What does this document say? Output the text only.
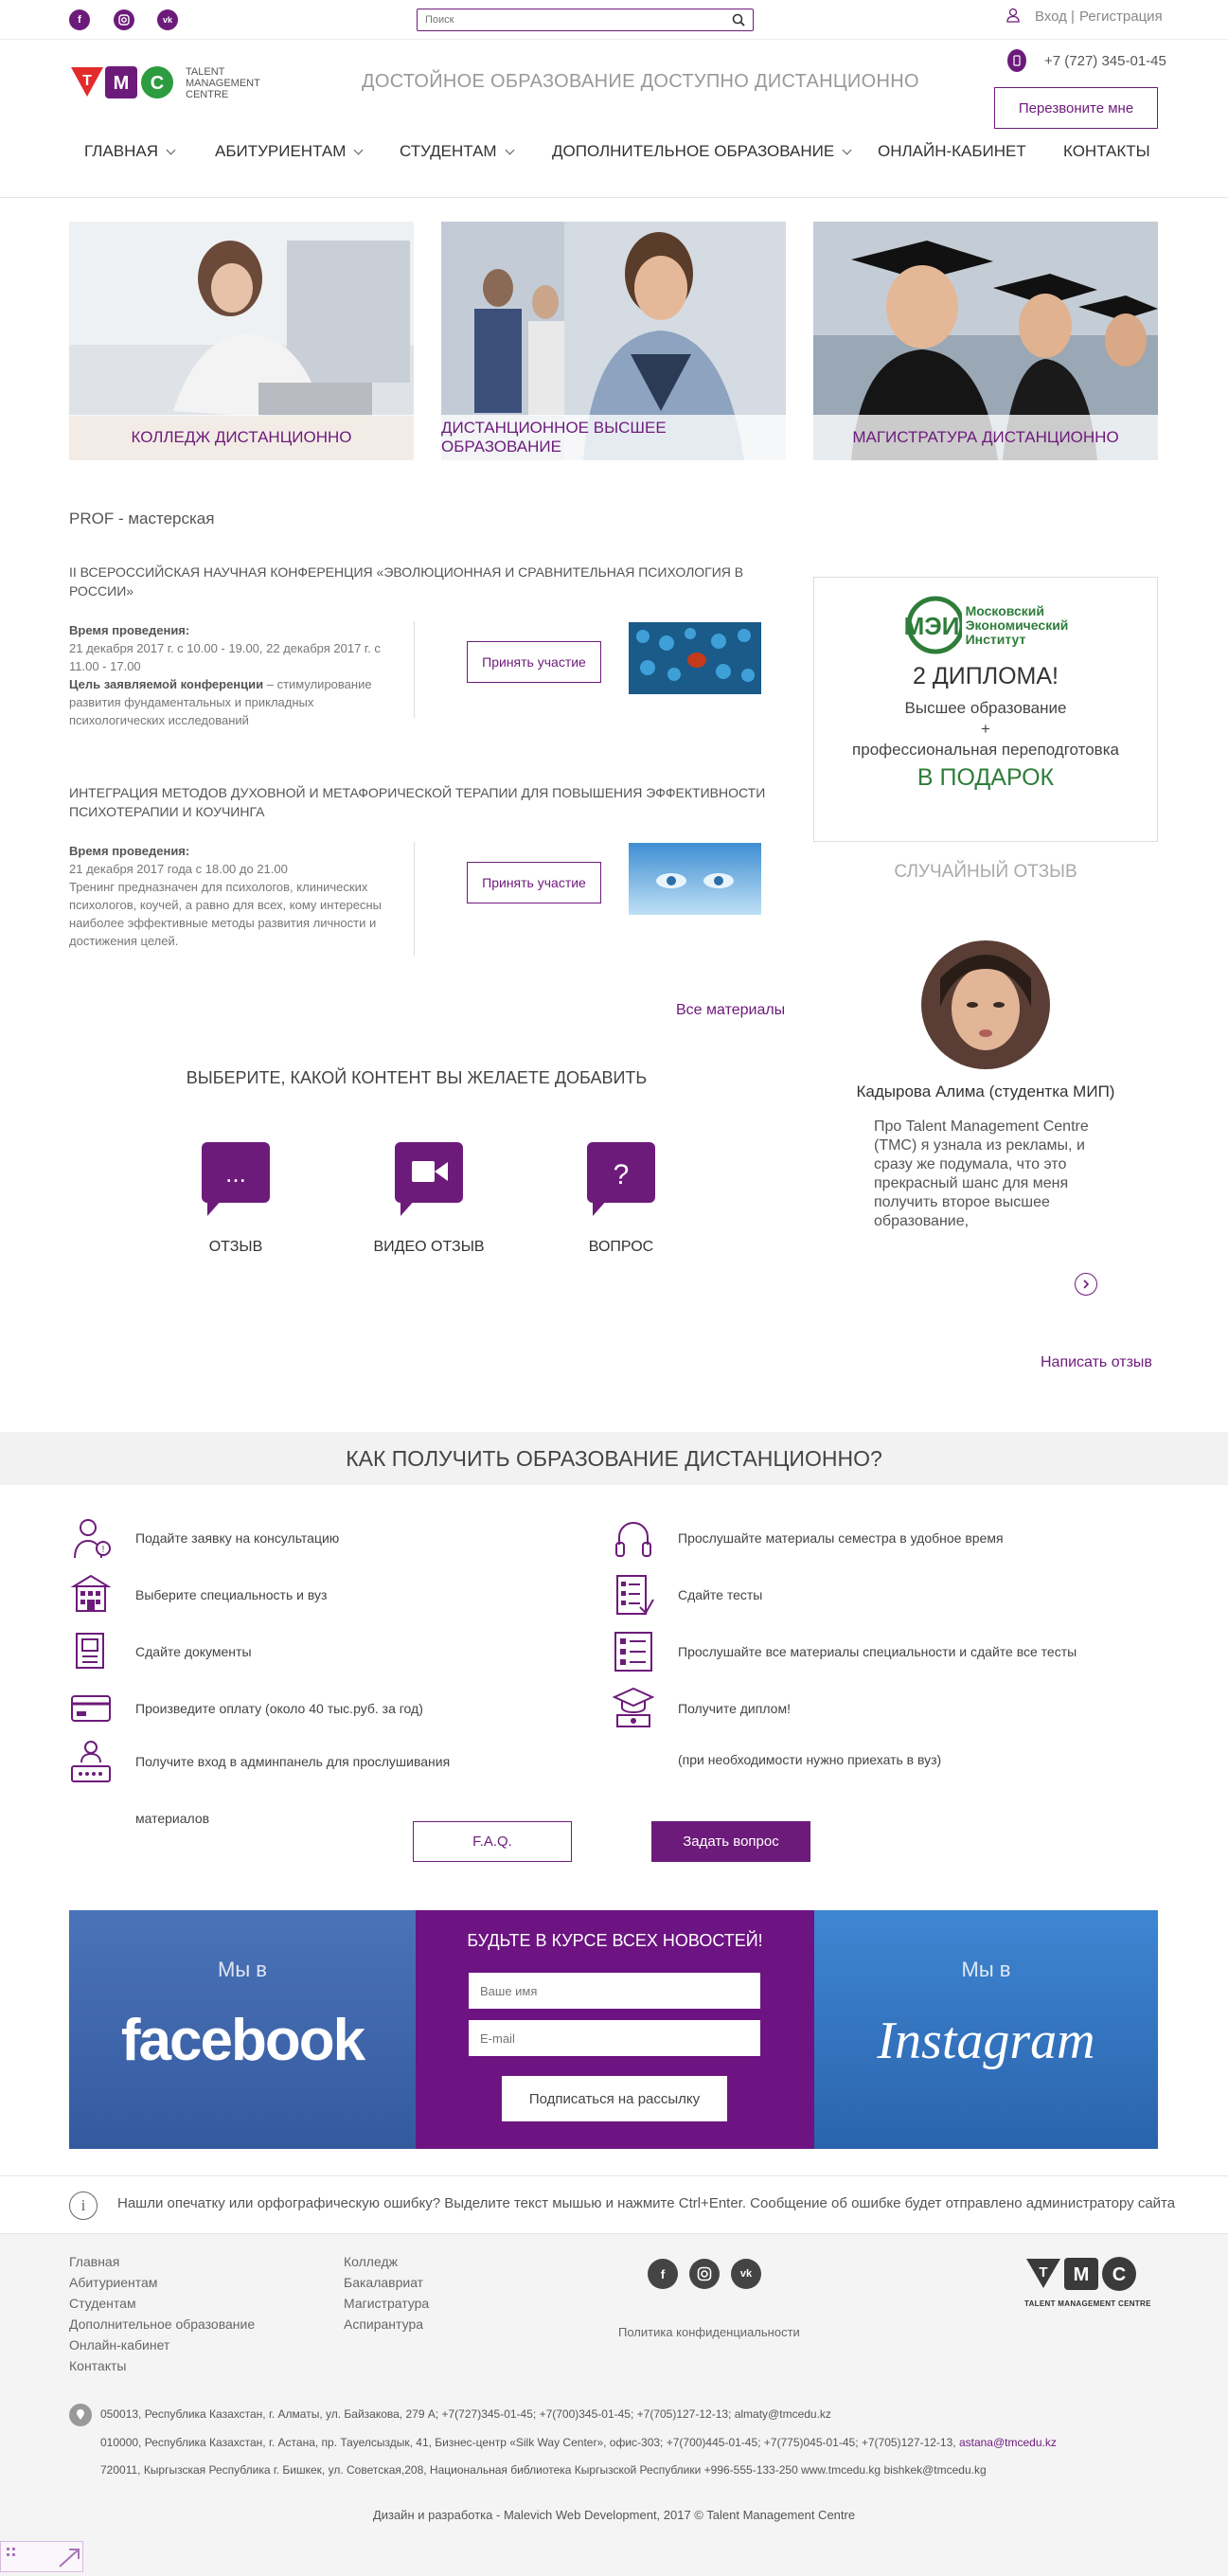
f	vk
Поиск	Вход | Регистрация
T M C
TALENT
MANAGEMENT
CENTRE
ДОСТОЙНОЕ ОБРАЗОВАНИЕ ДОСТУПНО ДИСТАНЦИОННО
+7 (727) 345-01-45
Перезвоните мне
ГЛАВНАЯ	АБИТУРИЕНТАМ	СТУДЕНТАМ	ДОПОЛНИТЕЛЬНОЕ ОБРАЗОВАНИЕ	ОНЛАЙН-КАБИНЕТ КОНТАКТЫ
КОЛЛЕДЖ ДИСТАНЦИОННО
ДИСТАНЦИОННОЕ ВЫСШЕЕ ОБРАЗОВАНИЕ
МАГИСТРАТУРА ДИСТАНЦИОННО
PROF - мастерская
II ВСЕРОССИЙСКАЯ НАУЧНАЯ КОНФЕРЕНЦИЯ «ЭВОЛЮЦИОННАЯ И СРАВНИТЕЛЬНАЯ ПСИХОЛОГИЯ В РОССИИ»
Время проведения:
21 декабря 2017 г. с 10.00 - 19.00, 22 декабря 2017 г. с 11.00 - 17.00
Цель заявляемой конференции – стимулирование развития фундаментальных и прикладных психологических исследований
Принять участие
ИНТЕГРАЦИЯ МЕТОДОВ ДУХОВНОЙ И МЕТАФОРИЧЕСКОЙ ТЕРАПИИ ДЛЯ ПОВЫШЕНИЯ ЭФФЕКТИВНОСТИ ПСИХОТЕРАПИИ И КОУЧИНГА
Время проведения:
21 декабря 2017 года с 18.00 до 21.00
Тренинг предназначен для психологов, клинических психологов, коучей, а равно для всех, кому интересны наиболее эффективные методы развития личности и достижения целей.
Принять участие
Все материалы
ВЫБЕРИТЕ, КАКОЙ КОНТЕНТ ВЫ ЖЕЛАЕТЕ ДОБАВИТЬ
...
ОТЗЫВ	ВИДЕО ОТЗЫВ
?
ВОПРОС
МЭИ
Московский
Экономический
Институт
2 ДИПЛОМА!
Высшее образование
+
профессиональная переподготовка
В ПОДАРОК
СЛУЧАЙНЫЙ ОТЗЫВ
Кадырова Алима (студентка МИП)
Про Talent Management Centre (ТМС) я узнала из рекламы, и сразу же подумала, что это прекрасный шанс для меня получить второе высшее образование,
Написать отзыв
КАК ПОЛУЧИТЬ ОБРАЗОВАНИЕ ДИСТАНЦИОННО?
!
Подайте заявку на консультацию
Выберите специальность и вуз
Сдайте документы
Произведите оплату (около 40 тыс.руб. за год)
Получите вход в админпанель для прослушивания
материалов
Прослушайте материалы семестра в удобное время
Сдайте тесты
Прослушайте все материалы специальности и сдайте все тесты
Получите диплом!
(при необходимости нужно приехать в вуз)
F.A.Q.	Задать вопрос
Мы в
facebook
БУДЬТЕ В КУРСЕ ВСЕХ НОВОСТЕЙ!
Ваше имя
E-mail
Подписаться на рассылку
Мы в
Instagram
i	Нашли опечатку или орфографическую ошибку? Выделите текст мышью и нажмите Ctrl+Enter. Сообщение об ошибке будет отправлено администратору сайта
Главная
Абитуриентам
Студентам
Дополнительное образование
Онлайн-кабинет
Контакты
Колледж
Бакалавриат
Магистратура
Аспирантура
f	vk
Политика конфиденциальности
T M C
TALENT MANAGEMENT CENTRE
050013, Республика Казахстан, г. Алматы, ул. Байзакова, 279 А; +7(727)345-01-45; +7(700)345-01-45; +7(705)127-12-13; almaty@tmcedu.kz
010000, Республика Казахстан, г. Астана, пр. Тауелсыздык, 41, Бизнес-центр «Silk Way Center», офис-303; +7(700)445-01-45; +7(775)045-01-45; +7(705)127-12-13, astana@tmcedu.kz
720011, Кыргызская Республика г. Бишкек, ул. Советская,208, Национальная библиотека Кыргызской Республики +996-555-133-250 www.tmcedu.kg bishkek@tmcedu.kg
Дизайн и разработка - Malevich Web Development, 2017 © Talent Management Centre
